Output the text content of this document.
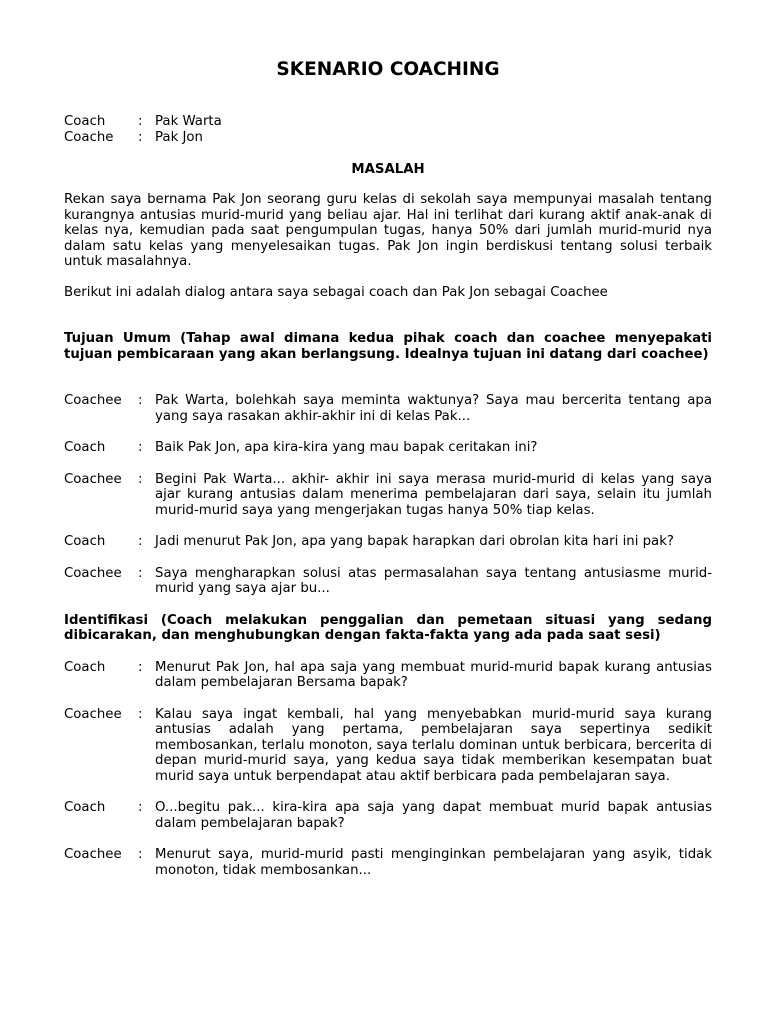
SKENARIO COACHING
Coach	: Pak Warta
Coache	: Pak Jon
MASALAH

Rekan saya bernama Pak Jon seorang guru kelas di sekolah saya mempunyai masalah tentang kurangnya antusias murid-murid yang beliau ajar. Hal ini terlihat dari kurang aktif anak-anak di kelas nya, kemudian pada saat pengumpulan tugas, hanya 50% dari jumlah murid-murid nya dalam satu kelas yang menyelesaikan tugas. Pak Jon ingin berdiskusi tentang solusi terbaik untuk masalahnya.

Berikut ini adalah dialog antara saya sebagai coach dan Pak Jon sebagai Coachee

Tujuan Umum (Tahap awal dimana kedua pihak coach dan coachee menyepakati tujuan pembicaraan yang akan berlangsung. Idealnya tujuan ini datang dari coachee)

Coachee	: Pak Warta, bolehkah saya meminta waktunya? Saya mau bercerita tentang apa yang saya rasakan akhir-akhir ini di kelas Pak...
Coach	: Baik Pak Jon, apa kira-kira yang mau bapak ceritakan ini?
Coachee	: Begini Pak Warta... akhir- akhir ini saya merasa murid-murid di kelas yang saya ajar kurang antusias dalam menerima pembelajaran dari saya, selain itu jumlah murid-murid saya yang mengerjakan tugas hanya 50% tiap kelas.
Coach	: Jadi menurut Pak Jon, apa yang bapak harapkan dari obrolan kita hari ini pak?
Coachee	: Saya mengharapkan solusi atas permasalahan saya tentang antusiasme murid-murid yang saya ajar bu...

Identifikasi (Coach melakukan penggalian dan pemetaan situasi yang sedang dibicarakan, dan menghubungkan dengan fakta-fakta yang ada pada saat sesi)

Coach	: Menurut Pak Jon, hal apa saja yang membuat murid-murid bapak kurang antusias dalam pembelajaran Bersama bapak?
Coachee	: Kalau saya ingat kembali, hal yang menyebabkan murid-murid saya kurang antusias adalah yang pertama, pembelajaran saya sepertinya sedikit membosankan, terlalu monoton, saya terlalu dominan untuk berbicara, bercerita di depan murid-murid saya, yang kedua saya tidak memberikan kesempatan buat murid saya untuk berpendapat atau aktif berbicara pada pembelajaran saya.
Coach	: O...begitu pak... kira-kira apa saja yang dapat membuat murid bapak antusias dalam pembelajaran bapak?
Coachee	: Menurut saya, murid-murid pasti menginginkan pembelajaran yang asyik, tidak monoton, tidak membosankan...
